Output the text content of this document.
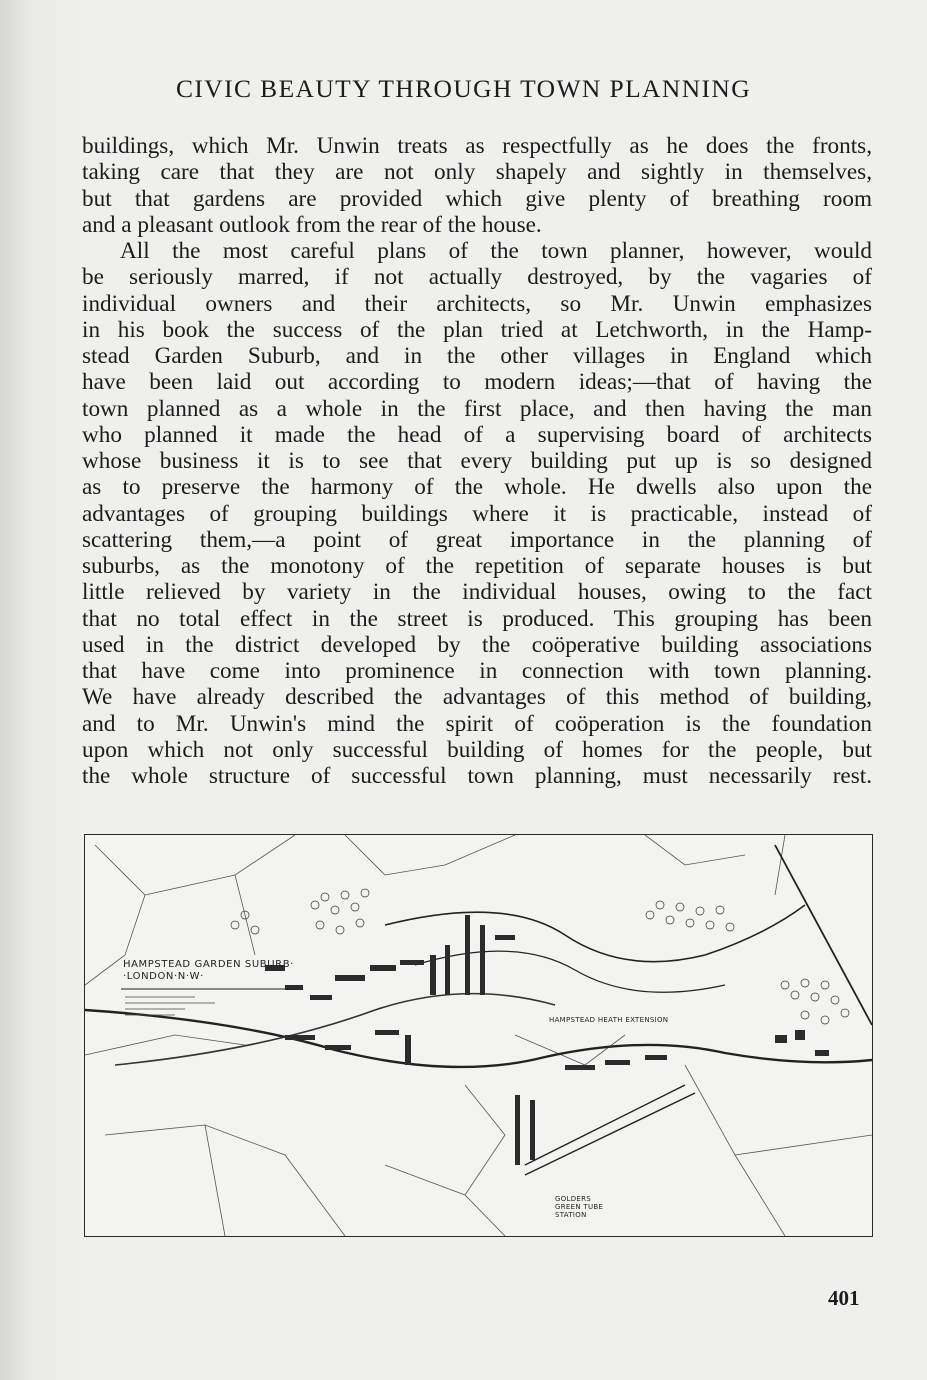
CIVIC BEAUTY THROUGH TOWN PLANNING
buildings, which Mr. Unwin treats as respectfully as he does the fronts,
taking care that they are not only shapely and sightly in themselves,
but that gardens are provided which give plenty of breathing room
and a pleasant outlook from the rear of the house.
All the most careful plans of the town planner, however, would
be seriously marred, if not actually destroyed, by the vagaries of
individual owners and their architects, so Mr. Unwin emphasizes
in his book the success of the plan tried at Letchworth, in the Hamp-
stead Garden Suburb, and in the other villages in England which
have been laid out according to modern ideas;—that of having the
town planned as a whole in the first place, and then having the man
who planned it made the head of a supervising board of architects
whose business it is to see that every building put up is so designed
as to preserve the harmony of the whole. He dwells also upon the
advantages of grouping buildings where it is practicable, instead of
scattering them,—a point of great importance in the planning of
suburbs, as the monotony of the repetition of separate houses is but
little relieved by variety in the individual houses, owing to the fact
that no total effect in the street is produced. This grouping has been
used in the district developed by the coöperative building associations
that have come into prominence in connection with town planning.
We have already described the advantages of this method of building,
and to Mr. Unwin's mind the spirit of coöperation is the foundation
upon which not only successful building of homes for the people, but
the whole structure of successful town planning, must necessarily rest.
HAMPSTEAD GARDEN SUBURB·
·LONDON·N·W·
HAMPSTEAD HEATH EXTENSION
GOLDERS GREEN TUBE STATION
401
